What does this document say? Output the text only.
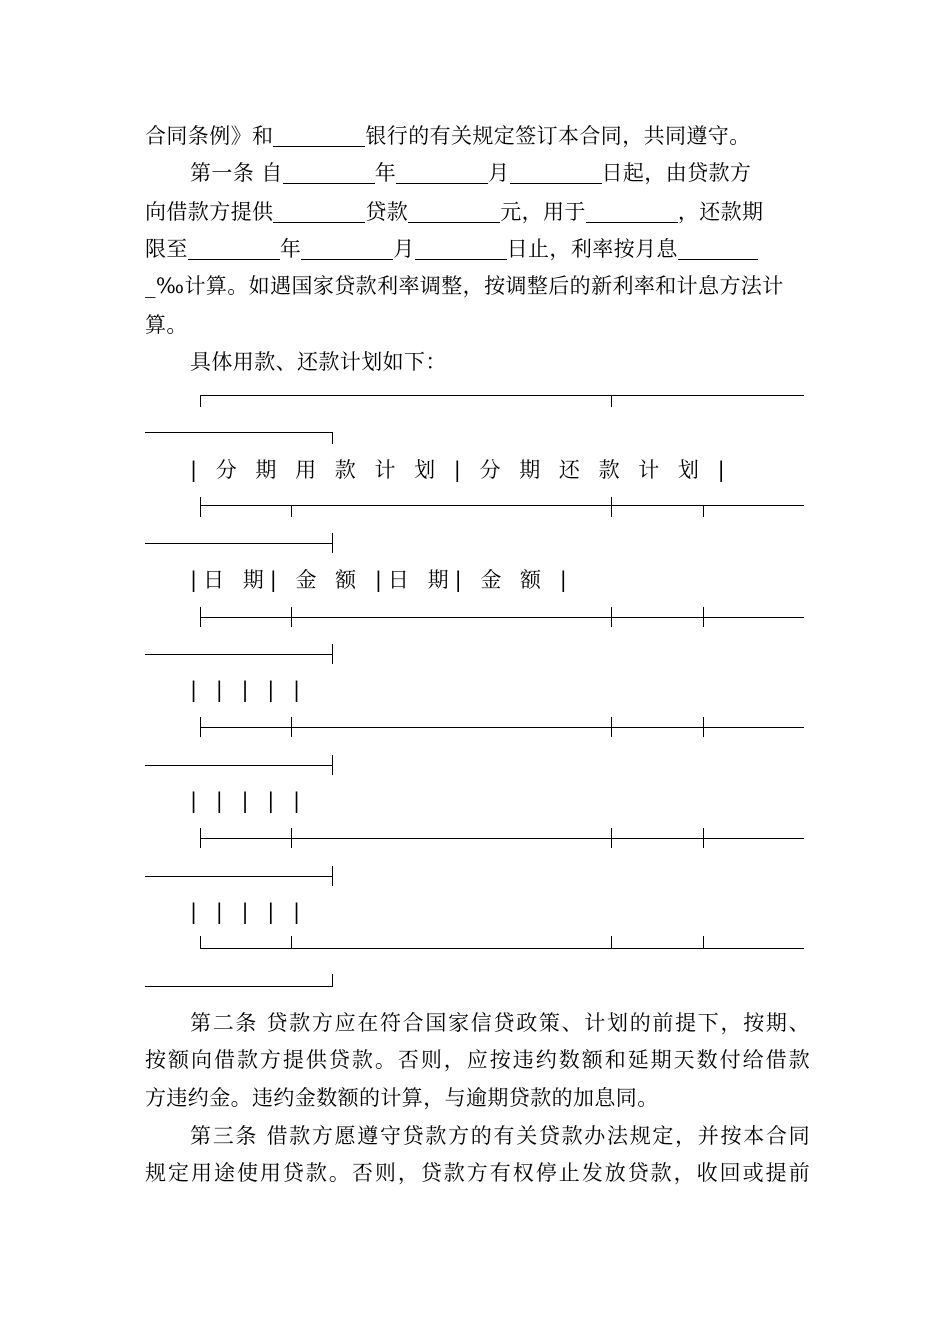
合同条例》和	银行的有关规定签订本合同，共同遵守。
第一条 自	年	月	日起，由贷款方
向借款方提供	贷款	元，用于	，还款期
限至	年	月	日止，利率按月息
_‰计算。如遇国家贷款利率调整，按调整后的新利率和计息方法计
算。
具体用款、还款计划如下：
| 分 期 用 款 计 划 | 分 期 还 款 计 划 |
|日 期| 金 额 |日 期| 金 额 |
| | | | |
| | | | |
| | | | |
第二条 贷款方应在符合国家信贷政策、计划的前提下，按期、
按额向借款方提供贷款。否则，应按违约数额和延期天数付给借款
方违约金。违约金数额的计算，与逾期贷款的加息同。
第三条 借款方愿遵守贷款方的有关贷款办法规定，并按本合同
规定用途使用贷款。否则，贷款方有权停止发放贷款，收回或提前
